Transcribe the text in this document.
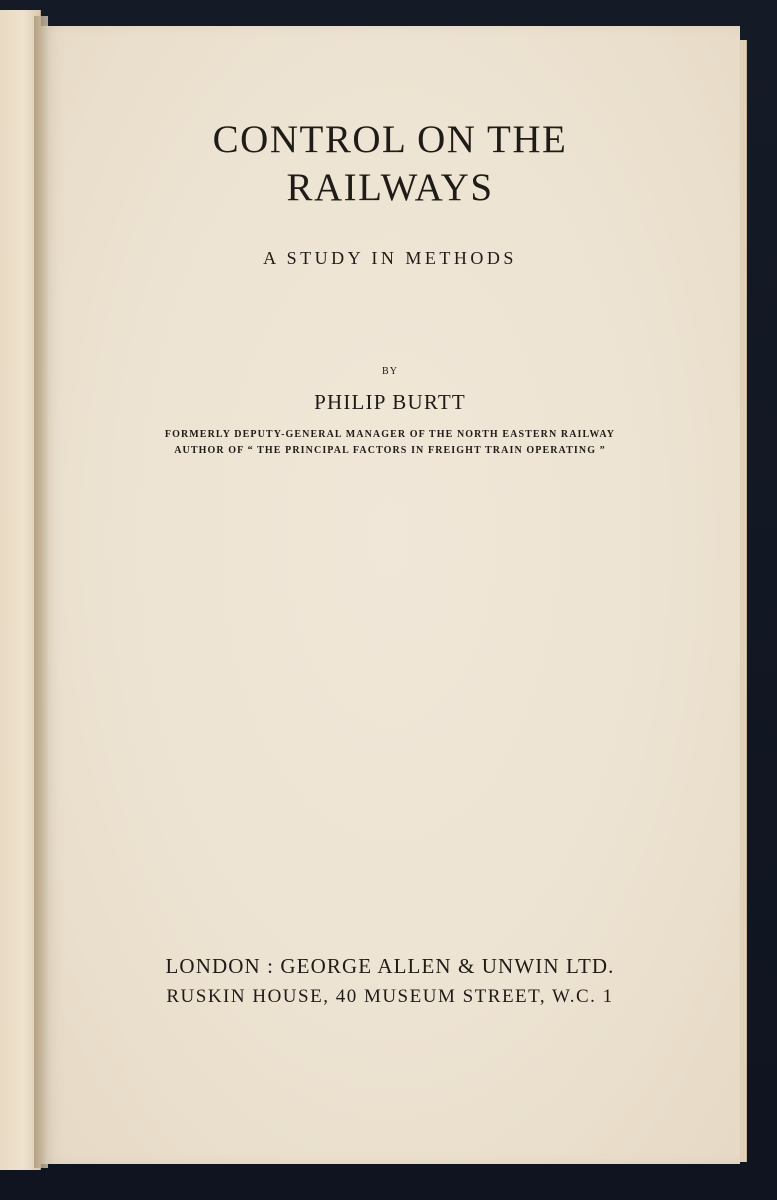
CONTROL ON THE
RAILWAYS
A STUDY IN METHODS
BY
PHILIP BURTT
FORMERLY DEPUTY-GENERAL MANAGER OF THE NORTH EASTERN RAILWAY
AUTHOR OF “ THE PRINCIPAL FACTORS IN FREIGHT TRAIN OPERATING ”
LONDON : GEORGE ALLEN & UNWIN LTD.
RUSKIN HOUSE, 40 MUSEUM STREET, W.C. 1
